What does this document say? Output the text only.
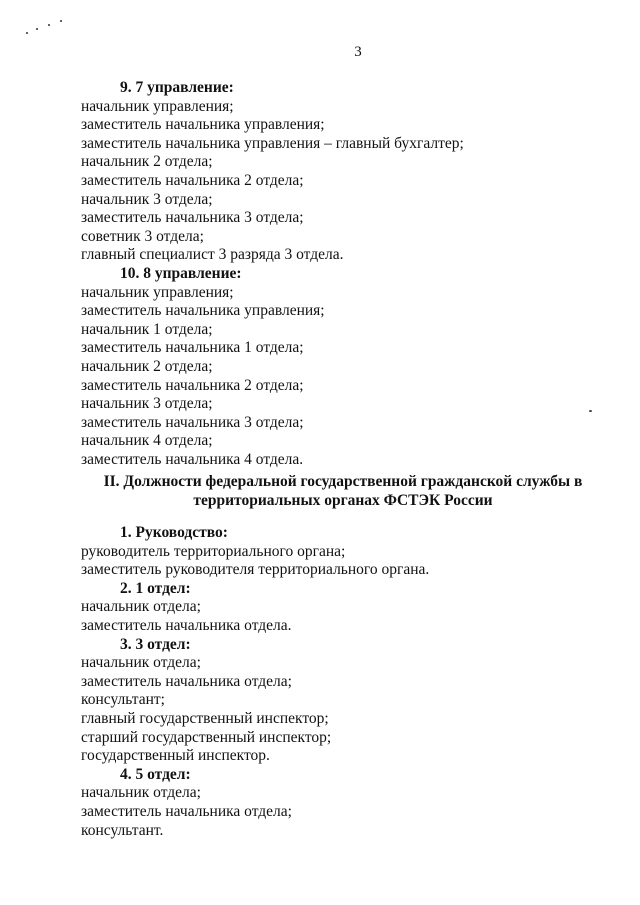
3

9. 7 управление:
начальник управления;
заместитель начальника управления;
заместитель начальника управления – главный бухгалтер;
начальник 2 отдела;
заместитель начальника 2 отдела;
начальник 3 отдела;
заместитель начальника 3 отдела;
советник 3 отдела;
главный специалист 3 разряда 3 отдела.
10. 8 управление:
начальник управления;
заместитель начальника управления;
начальник 1 отдела;
заместитель начальника 1 отдела;
начальник 2 отдела;
заместитель начальника 2 отдела;
начальник 3 отдела;
заместитель начальника 3 отдела;
начальник 4 отдела;
заместитель начальника 4 отдела.
II. Должности федеральной государственной гражданской службы в
территориальных органах ФСТЭК России
1. Руководство:
руководитель территориального органа;
заместитель руководителя территориального органа.
2. 1 отдел:
начальник отдела;
заместитель начальника отдела.
3. 3 отдел:
начальник отдела;
заместитель начальника отдела;
консультант;
главный государственный инспектор;
старший государственный инспектор;
государственный инспектор.
4. 5 отдел:
начальник отдела;
заместитель начальника отдела;
консультант.
